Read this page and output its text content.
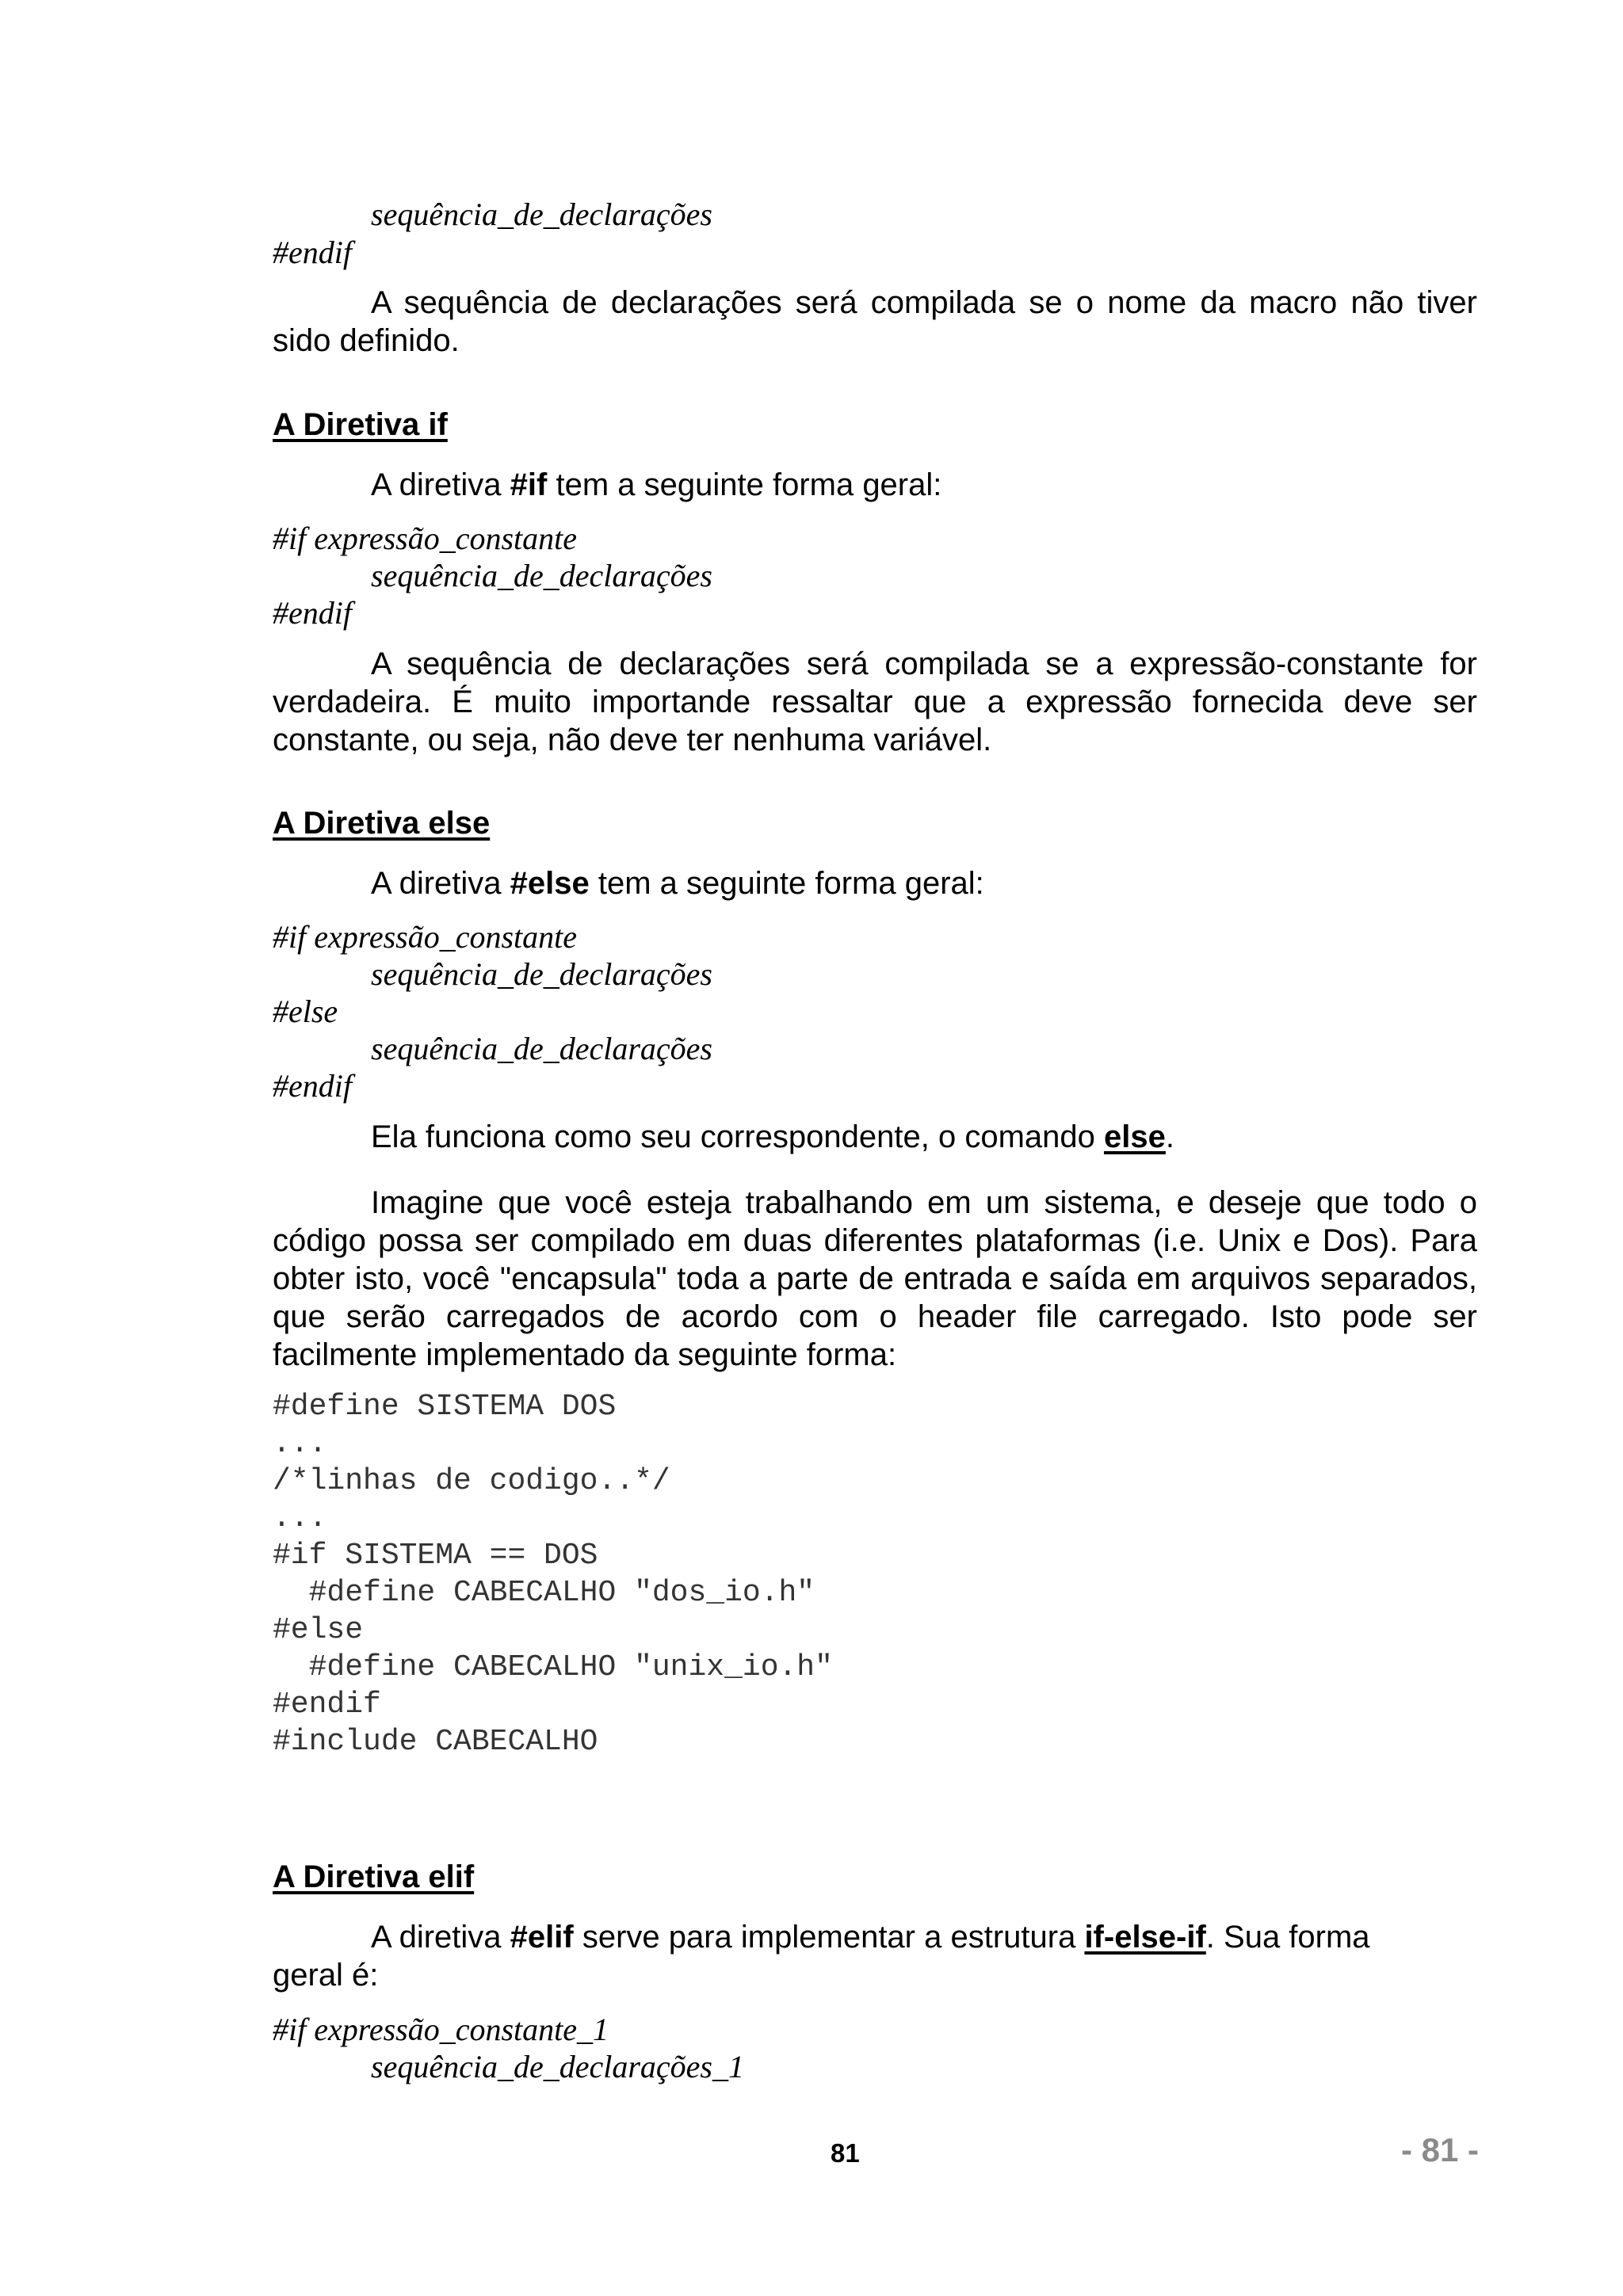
sequência_de_declarações
#endif
A sequência de declarações será compilada se o nome da macro não tiver sido definido.
A Diretiva if
A diretiva #if tem a seguinte forma geral:
#if expressão_constante
sequência_de_declarações
#endif
A sequência de declarações será compilada se a expressão-constante for verdadeira. É muito importande ressaltar que a expressão fornecida deve ser constante, ou seja, não deve ter nenhuma variável.
A Diretiva else
A diretiva #else tem a seguinte forma geral:
#if expressão_constante
sequência_de_declarações
#else
sequência_de_declarações
#endif
Ela funciona como seu correspondente, o comando else.
Imagine que você esteja trabalhando em um sistema, e deseje que todo o código possa ser compilado em duas diferentes plataformas (i.e. Unix e Dos). Para obter isto, você "encapsula" toda a parte de entrada e saída em arquivos separados, que serão carregados de acordo com o header file carregado. Isto pode ser facilmente implementado da seguinte forma:
#define SISTEMA DOS
...
/*linhas de codigo..*/
...
#if SISTEMA == DOS
#define CABECALHO "dos_io.h"
#else
#define CABECALHO "unix_io.h"
#endif
#include CABECALHO
A Diretiva elif
A diretiva #elif serve para implementar a estrutura if-else-if. Sua forma
geral é:
#if expressão_constante_1
sequência_de_declarações_1
81	- 81 -
